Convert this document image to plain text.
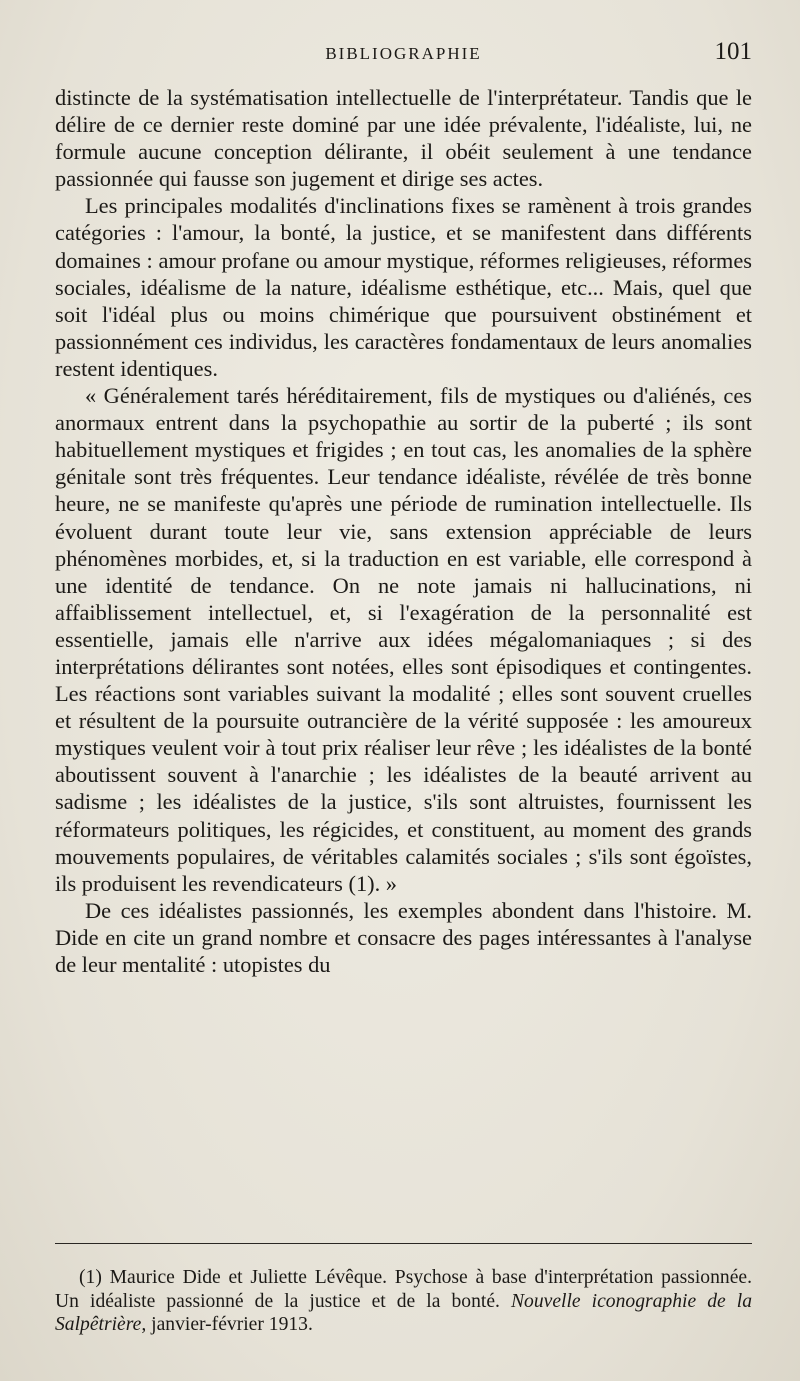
BIBLIOGRAPHIE	101

distincte de la systématisation intellectuelle de l'interprétateur. Tandis que le délire de ce dernier reste dominé par une idée prévalente, l'idéaliste, lui, ne formule aucune conception délirante, il obéit seulement à une tendance passionnée qui fausse son jugement et dirige ses actes.

Les principales modalités d'inclinations fixes se ramènent à trois grandes catégories : l'amour, la bonté, la justice, et se manifestent dans différents domaines : amour profane ou amour mystique, réformes religieuses, réformes sociales, idéalisme de la nature, idéalisme esthétique, etc... Mais, quel que soit l'idéal plus ou moins chimérique que poursuivent obstinément et passionnément ces individus, les caractères fondamentaux de leurs anomalies restent identiques.

« Généralement tarés héréditairement, fils de mystiques ou d'aliénés, ces anormaux entrent dans la psychopathie au sortir de la puberté ; ils sont habituellement mystiques et frigides ; en tout cas, les anomalies de la sphère génitale sont très fréquentes. Leur tendance idéaliste, révélée de très bonne heure, ne se manifeste qu'après une période de rumination intellectuelle. Ils évoluent durant toute leur vie, sans extension appréciable de leurs phénomènes morbides, et, si la traduction en est variable, elle correspond à une identité de tendance. On ne note jamais ni hallucinations, ni affaiblissement intellectuel, et, si l'exagération de la personnalité est essentielle, jamais elle n'arrive aux idées mégalomaniaques ; si des interprétations délirantes sont notées, elles sont épisodiques et contingentes. Les réactions sont variables suivant la modalité ; elles sont souvent cruelles et résultent de la poursuite outrancière de la vérité supposée : les amoureux mystiques veulent voir à tout prix réaliser leur rêve ; les idéalistes de la bonté aboutissent souvent à l'anarchie ; les idéalistes de la beauté arrivent au sadisme ; les idéalistes de la justice, s'ils sont altruistes, fournissent les réformateurs politiques, les régicides, et constituent, au moment des grands mouvements populaires, de véritables calamités sociales ; s'ils sont égoïstes, ils produisent les revendicateurs (1). »

De ces idéalistes passionnés, les exemples abondent dans l'histoire. M. Dide en cite un grand nombre et consacre des pages intéressantes à l'analyse de leur mentalité : utopistes du

(1) Maurice Dide et Juliette Lévêque. Psychose à base d'interprétation passionnée. Un idéaliste passionné de la justice et de la bonté. Nouvelle iconographie de la Salpêtrière, janvier-février 1913.
